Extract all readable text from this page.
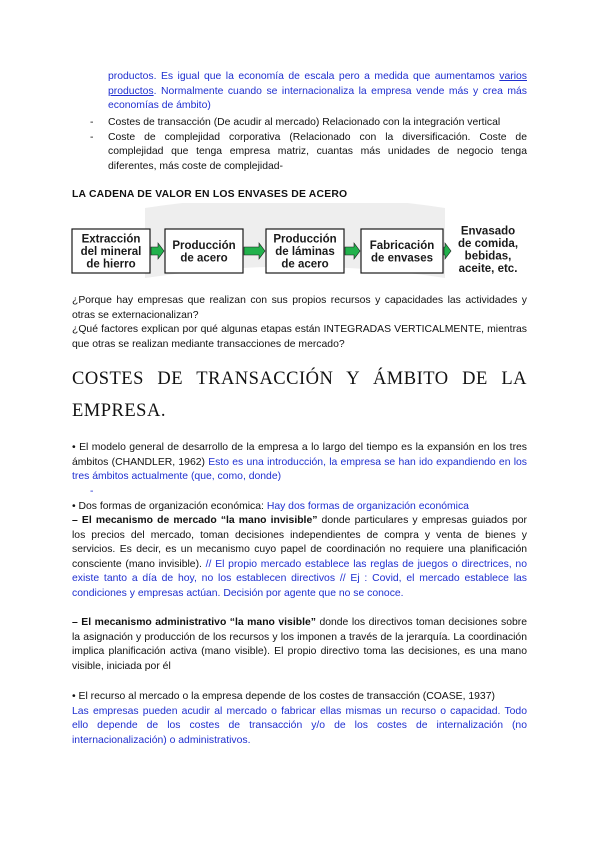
productos. Es igual que la economía de escala pero a medida que aumentamos varios productos. Normalmente cuando se internacionaliza la empresa vende más y crea más economías de ámbito)
- Costes de transacción (De acudir al mercado) Relacionado con la integración vertical
- Coste de complejidad corporativa (Relacionado con la diversificación. Coste de complejidad que tenga empresa matriz, cuantas más unidades de negocio tenga diferentes, más coste de complejidad-
LA CADENA DE VALOR EN LOS ENVASES DE ACERO
Extracción
del mineral
de hierro
Producción
de acero
Producción
de láminas
de acero
Fabricación
de envases
Envasado
de comida,
bebidas,
aceite, etc.
¿Porque hay empresas que realizan con sus propios recursos y capacidades las actividades y otras se externacionalizan?
¿Qué factores explican por qué algunas etapas están INTEGRADAS VERTICALMENTE, mientras que otras se realizan mediante transacciones de mercado?
COSTES DE TRANSACCIÓN Y ÁMBITO DE LA
EMPRESA.
• El modelo general de desarrollo de la empresa a lo largo del tiempo es la expansión en los tres ámbitos (CHANDLER, 1962) Esto es una introducción, la empresa se han ido expandiendo en los tres ámbitos actualmente (que, como, donde)
-
• Dos formas de organización económica: Hay dos formas de organización económica
– El mecanismo de mercado “la mano invisible” donde particulares y empresas guiados por los precios del mercado, toman decisiones independientes de compra y venta de bienes y servicios. Es decir, es un mecanismo cuyo papel de coordinación no requiere una planificación consciente (mano invisible). // El propio mercado establece las reglas de juegos o directrices, no existe tanto a día de hoy, no los establecen directivos // Ej : Covid, el mercado establece las condiciones y empresas actúan. Decisión por agente que no se conoce.
– El mecanismo administrativo “la mano visible” donde los directivos toman decisiones sobre la asignación y producción de los recursos y los imponen a través de la jerarquía. La coordinación implica planificación activa (mano visible). El propio directivo toma las decisiones, es una mano visible, iniciada por él
• El recurso al mercado o la empresa depende de los costes de transacción (COASE, 1937)
Las empresas pueden acudir al mercado o fabricar ellas mismas un recurso o capacidad. Todo ello depende de los costes de transacción y/o de los costes de internalización (no internacionalización) o administrativos.
